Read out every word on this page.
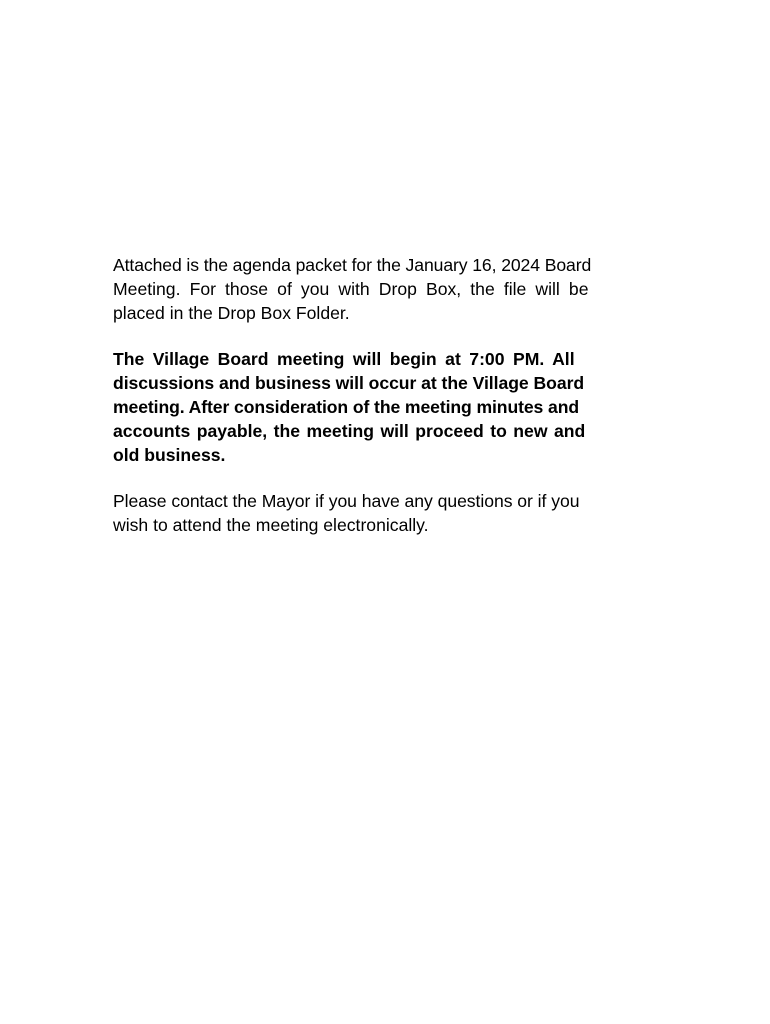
Attached is the agenda packet for the January 16, 2024 Board
Meeting. For those of you with Drop Box, the file will be
placed in the Drop Box Folder.

The Village Board meeting will begin at 7:00 PM. All
discussions and business will occur at the Village Board
meeting. After consideration of the meeting minutes and
accounts payable, the meeting will proceed to new and
old business.

Please contact the Mayor if you have any questions or if you
wish to attend the meeting electronically.
